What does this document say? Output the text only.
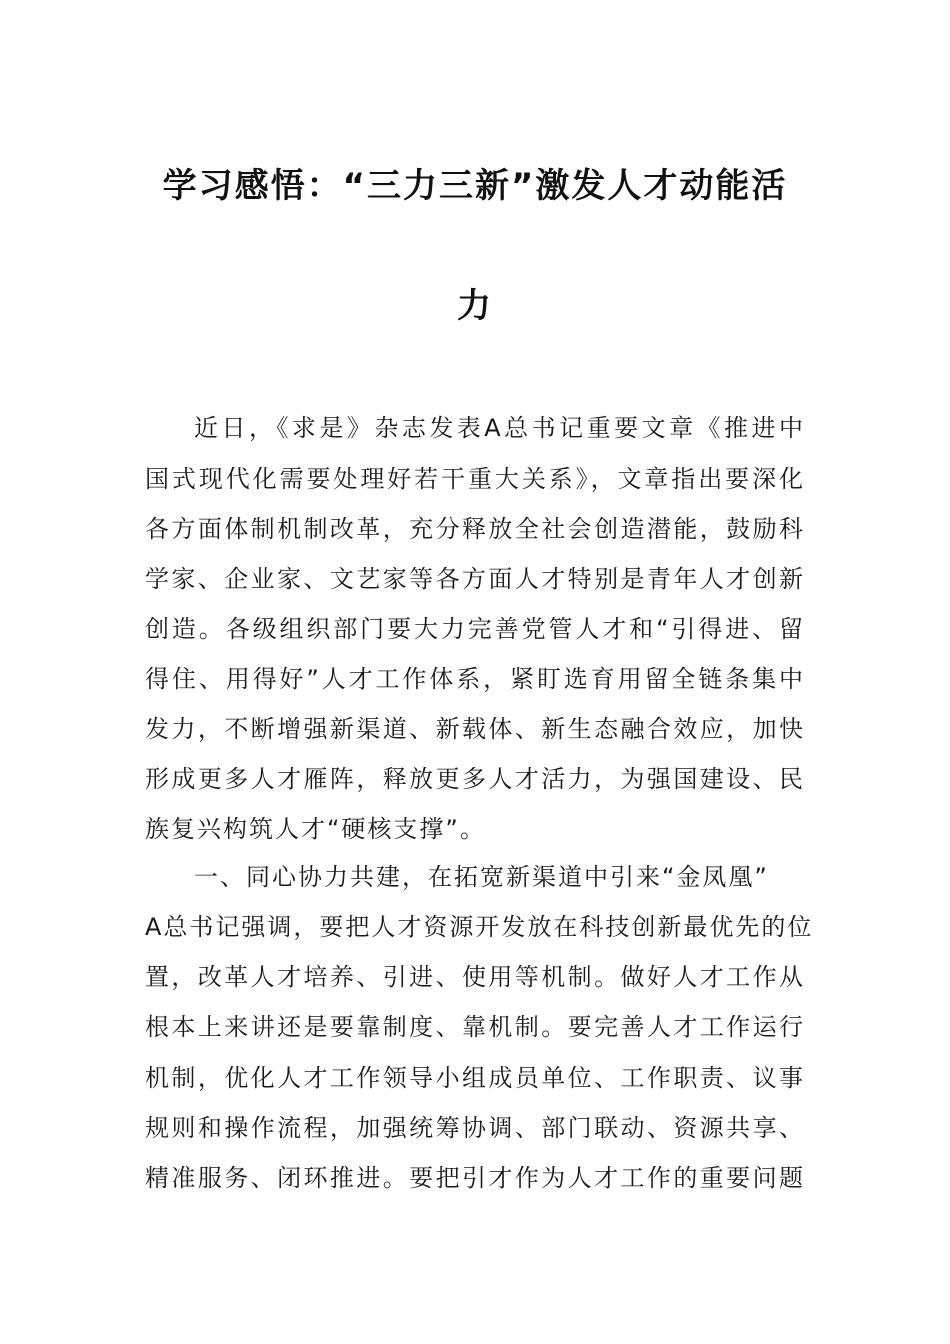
学习感悟：“三力三新”激发人才动能活
力
近日，《求是》杂志发表A总书记重要文章《推进中
国式现代化需要处理好若干重大关系》，文章指出要深化
各方面体制机制改革，充分释放全社会创造潜能，鼓励科
学家、企业家、文艺家等各方面人才特别是青年人才创新
创造。各级组织部门要大力完善党管人才和“引得进、留
得住、用得好”人才工作体系，紧盯选育用留全链条集中
发力，不断增强新渠道、新载体、新生态融合效应，加快
形成更多人才雁阵，释放更多人才活力，为强国建设、民
族复兴构筑人才“硬核支撑”。
一、同心协力共建，在拓宽新渠道中引来“金凤凰”
A总书记强调，要把人才资源开发放在科技创新最优先的位
置，改革人才培养、引进、使用等机制。做好人才工作从
根本上来讲还是要靠制度、靠机制。要完善人才工作运行
机制，优化人才工作领导小组成员单位、工作职责、议事
规则和操作流程，加强统筹协调、部门联动、资源共享、
精准服务、闭环推进。要把引才作为人才工作的重要问题
